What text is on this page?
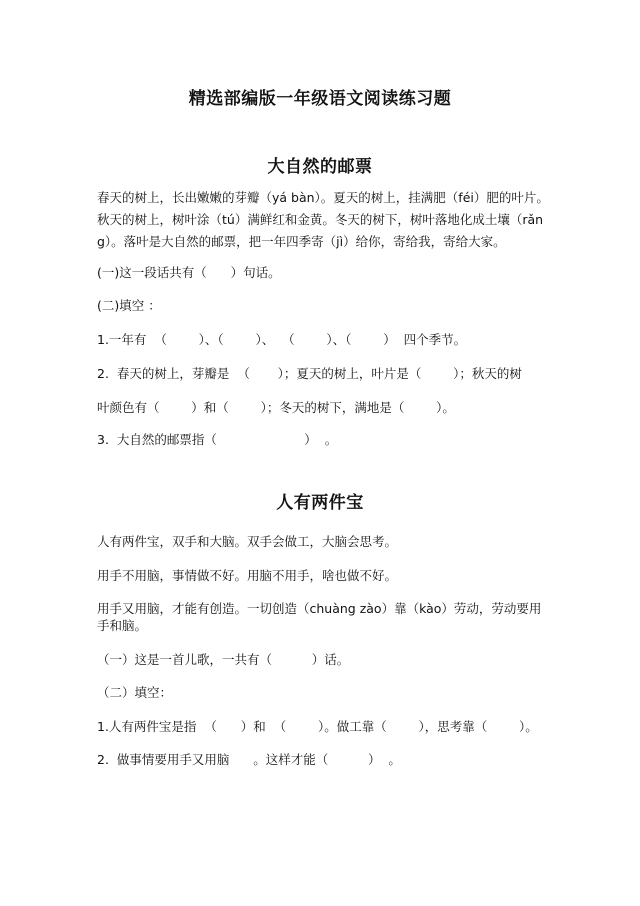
精选部编版一年级语文阅读练习题
大自然的邮票
春天的树上，长出嫩嫩的芽瓣（yá bàn）。夏天的树上，挂满肥（féi）肥的叶片。
秋天的树上，树叶涂（tú）满鲜红和金黄。冬天的树下，树叶落地化成土壤（rǎn
g）。落叶是大自然的邮票，把一年四季寄（jì）给你，寄给我，寄给大家。
(一)这一段话共有（      ）句话。
(二)填空 ：
1.一年有  （        ）、（        ）、  （        ）、（        ）  四个季节。
2.  春天的树上，芽瓣是  （       ）；夏天的树上，叶片是（        ）；秋天的树
叶颜色有（        ）和（        ）；冬天的树下，满地是（        ）。
3.  大自然的邮票指（                      ）  。
人有两件宝
人有两件宝，双手和大脑。双手会做工，大脑会思考。
用手不用脑，事情做不好。用脑不用手，啥也做不好。
用手又用脑，才能有创造。一切创造（chuàng zào）靠（kào）劳动，劳动要用
手和脑。
（一）这是一首儿歌，一共有（          ）话。
（二）填空：
1.人有两件宝是指  （      ）和  （        ）。做工靠（        ），思考靠（        ）。
2.  做事情要用手又用脑      。这样才能（          ）  。
